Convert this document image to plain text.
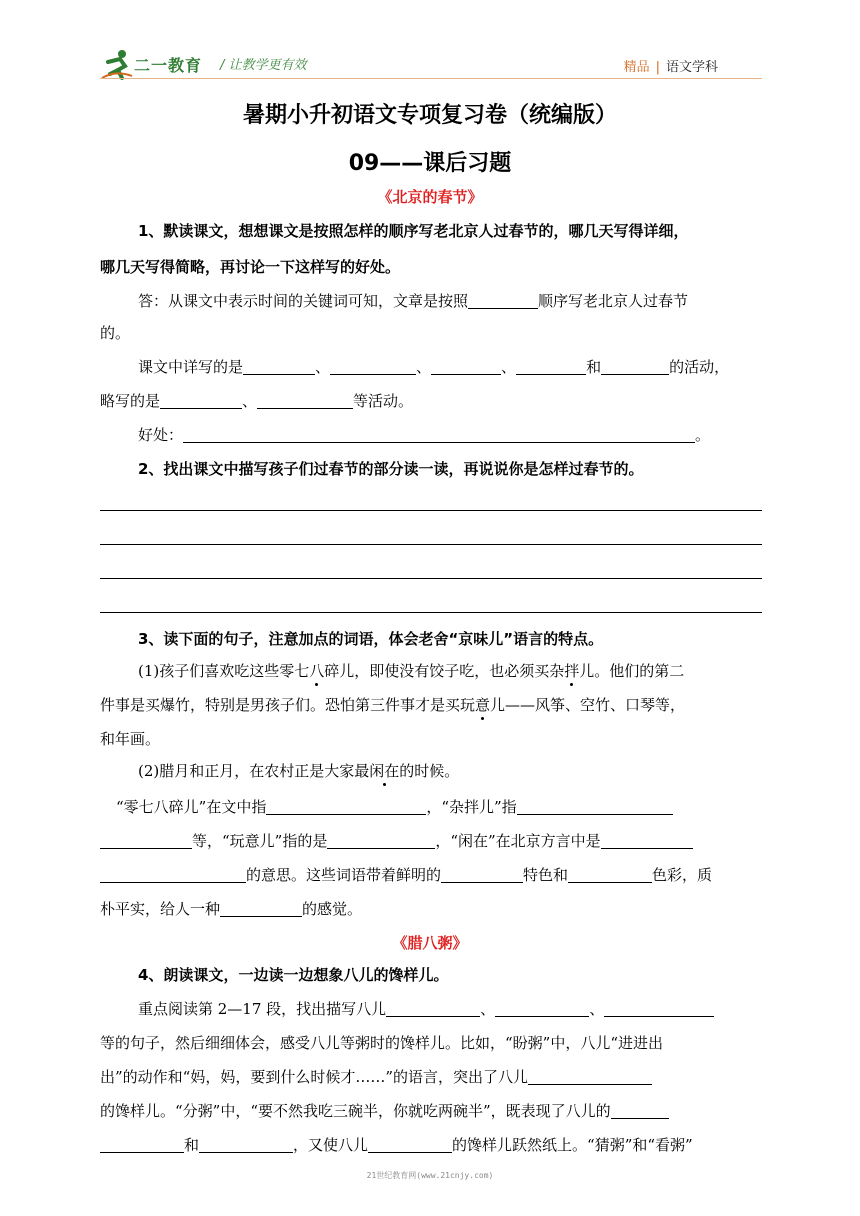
二一教育 / 让教学更有效	精品 | 语文学科
暑期小升初语文专项复习卷（统编版）
09——课后习题
《北京的春节》
1、默读课文，想想课文是按照怎样的顺序写老北京人过春节的，哪几天写得详细，
哪几天写得简略，再讨论一下这样写的好处。
答：从课文中表示时间的关键词可知，文章是按照	顺序写老北京人过春节
的。
课文中详写的是	、	、	、	和	的活动，
略写的是	、	等活动。
好处：	。
2、找出课文中描写孩子们过春节的部分读一读，再说说你是怎样过春节的。
3、读下面的句子，注意加点的词语，体会老舍“京味儿”语言的特点。
(1)孩子们喜欢吃这些零七八碎儿，即使没有饺子吃，也必须买杂拌儿。他们的第二
件事是买爆竹，特别是男孩子们。恐怕第三件事才是买玩意儿——风筝、空竹、口琴等，
和年画。
(2)腊月和正月，在农村正是大家最闲在的时候。
“零七八碎儿”在文中指	，“杂拌儿”指
等，“玩意儿”指的是	，“闲在”在北京方言中是
的意思。这些词语带着鲜明的	特色和	色彩，质
朴平实，给人一种	的感觉。
《腊八粥》
4、朗读课文，一边读一边想象八儿的馋样儿。
重点阅读第 2—17 段，找出描写八儿	、	、
等的句子，然后细细体会，感受八儿等粥时的馋样儿。比如，“盼粥”中，八儿“进进出
出”的动作和“妈，妈，要到什么时候才……”的语言，突出了八儿
的馋样儿。“分粥”中，“要不然我吃三碗半，你就吃两碗半”，既表现了八儿的
和	，又使八儿	的馋样儿跃然纸上。“猜粥”和“看粥”
21世纪教育网(www.21cnjy.com)
